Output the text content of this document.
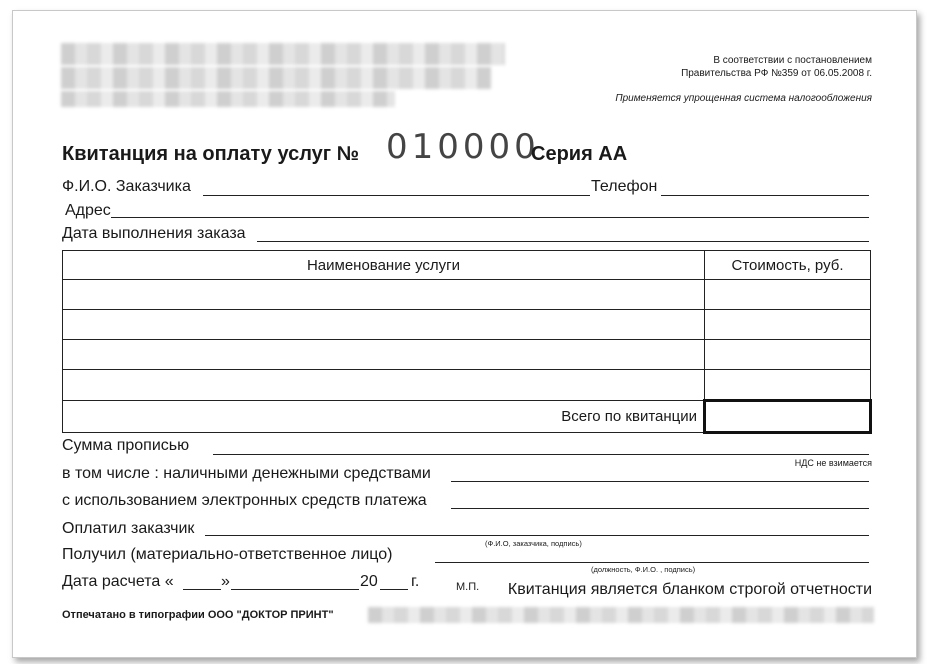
В соответствии с постановлением
Правительства РФ №359 от 06.05.2008 г.
Применяется упрощенная система налогообложения
Квитанция на оплату услуг № 010000
Серия АА
Ф.И.О. Заказчика	Телефон
Адрес
Дата выполнения заказа
Наименование услуги	Стоимость, руб.

Всего по квитанции	
Сумма прописью
в том числе : наличными денежными средствами
НДС не взимается
с использованием электронных средств платежа
Оплатил заказчик
(Ф.И.О, заказчика, подпись)
Получил (материально-ответственное лицо)
(должность, Ф.И.О. , подпись)
Дата расчета «	»	20 г.	М.П. Квитанция является бланком строгой отчетности
Отпечатано в типографии ООО "ДОКТОР ПРИНТ"
